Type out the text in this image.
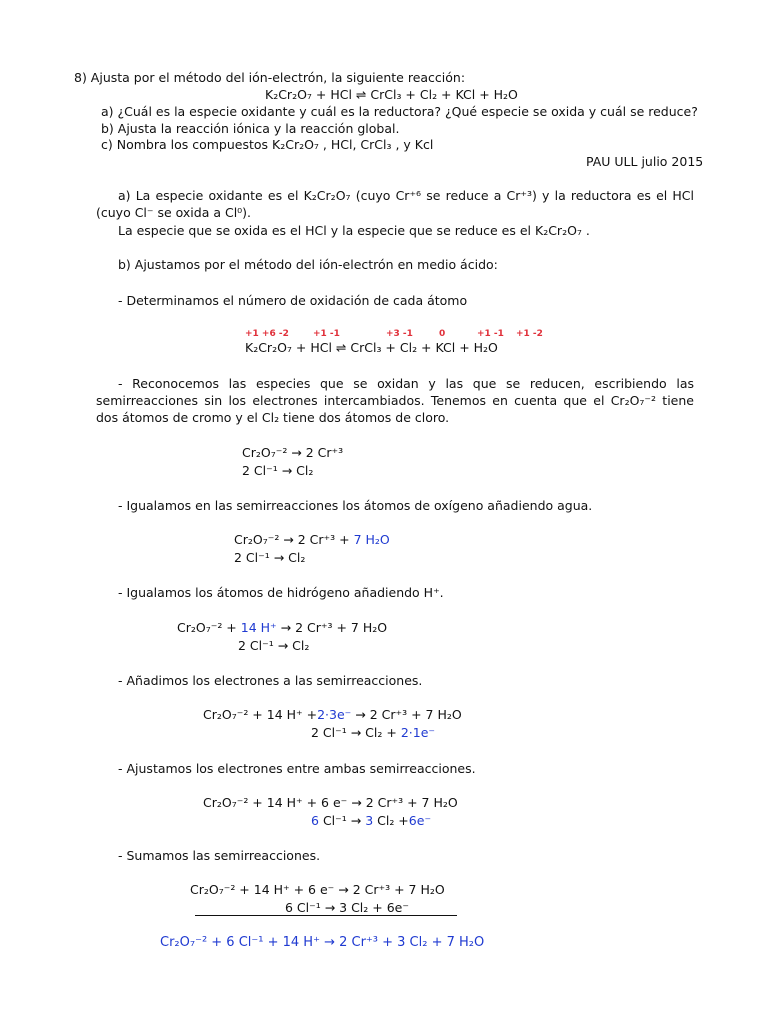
8) Ajusta por el método del ión-electrón, la siguiente reacción:
K₂Cr₂O₇ + HCl ⇌ CrCl₃ + Cl₂ + KCl + H₂O
a) ¿Cuál es la especie oxidante y cuál es la reductora? ¿Qué especie se oxida y cuál se reduce?
b) Ajusta la reacción iónica y la reacción global.
c) Nombra los compuestos K₂Cr₂O₇ , HCl, CrCl₃ , y Kcl
PAU ULL julio 2015
a) La especie oxidante es el K₂Cr₂O₇ (cuyo Cr⁺⁶ se reduce a Cr⁺³) y la reductora es el HCl (cuyo Cl⁻ se oxida a Cl⁰).
La especie que se oxida es el HCl y la especie que se reduce es el K₂Cr₂O₇ .
b) Ajustamos por el método del ión-electrón en medio ácido:
- Determinamos el número de oxidación de cada átomo
+1 +6 -2	+1 -1	+3 -1	0	+1 -1 +1 -2
K₂Cr₂O₇ + HCl ⇌ CrCl₃ + Cl₂ + KCl + H₂O
- Reconocemos las especies que se oxidan y las que se reducen, escribiendo las semirreacciones sin los electrones intercambiados. Tenemos en cuenta que el Cr₂O₇⁻² tiene dos átomos de cromo y el Cl₂ tiene dos átomos de cloro.
Cr₂O₇⁻² → 2 Cr⁺³
2 Cl⁻¹ → Cl₂
- Igualamos en las semirreacciones los átomos de oxígeno añadiendo agua.
Cr₂O₇⁻² → 2 Cr⁺³ + 7 H₂O
2 Cl⁻¹ → Cl₂
- Igualamos los átomos de hidrógeno añadiendo H⁺.
Cr₂O₇⁻² + 14 H⁺ → 2 Cr⁺³ + 7 H₂O
2 Cl⁻¹ → Cl₂
- Añadimos los electrones a las semirreacciones.
Cr₂O₇⁻² + 14 H⁺ +2·3e⁻ → 2 Cr⁺³ + 7 H₂O
2 Cl⁻¹ → Cl₂ + 2·1e⁻
- Ajustamos los electrones entre ambas semirreacciones.
Cr₂O₇⁻² + 14 H⁺ + 6 e⁻ → 2 Cr⁺³ + 7 H₂O
6 Cl⁻¹ → 3 Cl₂ +6e⁻
- Sumamos las semirreacciones.
Cr₂O₇⁻² + 14 H⁺ + 6 e⁻ → 2 Cr⁺³ + 7 H₂O
6 Cl⁻¹ → 3 Cl₂ + 6e⁻
Cr₂O₇⁻² + 6 Cl⁻¹ + 14 H⁺ → 2 Cr⁺³ + 3 Cl₂ + 7 H₂O
